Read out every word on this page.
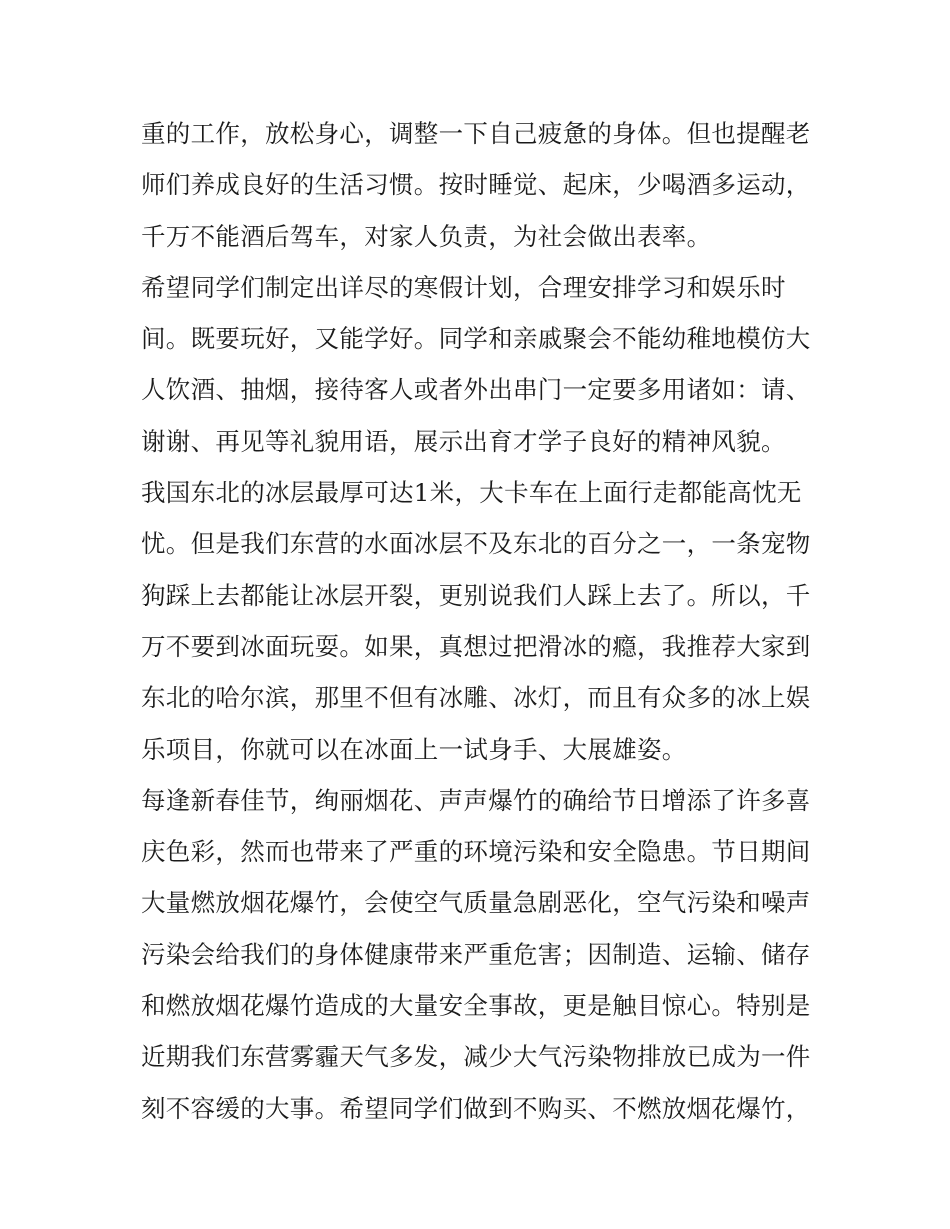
重的工作，放松身心，调整一下自己疲惫的身体。但也提醒老
师们养成良好的生活习惯。按时睡觉、起床，少喝酒多运动，
千万不能酒后驾车，对家人负责，为社会做出表率。
希望同学们制定出详尽的寒假计划，合理安排学习和娱乐时
间。既要玩好，又能学好。同学和亲戚聚会不能幼稚地模仿大
人饮酒、抽烟，接待客人或者外出串门一定要多用诸如：请、
谢谢、再见等礼貌用语，展示出育才学子良好的精神风貌。
我国东北的冰层最厚可达1米，大卡车在上面行走都能高忱无
忧。但是我们东营的水面冰层不及东北的百分之一，一条宠物
狗踩上去都能让冰层开裂，更别说我们人踩上去了。所以，千
万不要到冰面玩耍。如果，真想过把滑冰的瘾，我推荐大家到
东北的哈尔滨，那里不但有冰雕、冰灯，而且有众多的冰上娱
乐项目，你就可以在冰面上一试身手、大展雄姿。
每逢新春佳节，绚丽烟花、声声爆竹的确给节日增添了许多喜
庆色彩，然而也带来了严重的环境污染和安全隐患。节日期间
大量燃放烟花爆竹，会使空气质量急剧恶化，空气污染和噪声
污染会给我们的身体健康带来严重危害；因制造、运输、储存
和燃放烟花爆竹造成的大量安全事故，更是触目惊心。特别是
近期我们东营雾霾天气多发，减少大气污染物排放已成为一件
刻不容缓的大事。希望同学们做到不购买、不燃放烟花爆竹，
